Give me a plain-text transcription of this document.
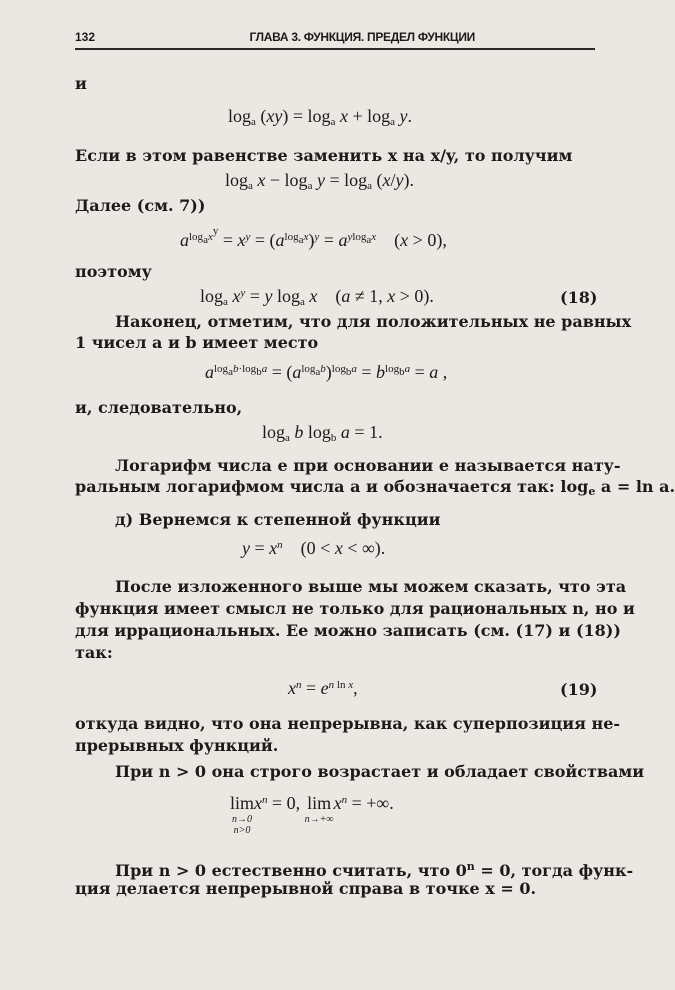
132	ГЛАВА 3. ФУНКЦИЯ. ПРЕДЕЛ ФУНКЦИИ
и
$\log_a (xy) = \log_a x + \log_a y$.
Если в этом равенстве заменить x на x/y, то получим
$\log_a x - \log_a y = \log_a (x/y)$.
Далее (см. 7))
$a^{log_ax^y} = x^y = (a^{log_ax})^y = a^{ylog_ax}$    (x > 0),
поэтому
$\log_a x^y = y$ $\log_a x$    (a ≠ 1, x > 0).	(18)
Наконец, отметим, что для положительных не равных
1 чисел a и b имеет место
$a^{log_ab\cdot log_ba} = (a^{log_ab})^{log_ba} = b^{log_ba} = a$ ,
и, следовательно,
$\log_a b$ $\log_b a = 1$.
Логарифм числа e при основании e называется нату-
ральным логарифмом числа a и обозначается так: $\log_e a = \ln a$.
д) Вернемся к степенной функции
$y = x^n$    (0 < x < ∞).
После изложенного выше мы можем сказать, что эта
функция имеет смысл не только для рациональных n, но и
для иррациональных. Ее можно записать (см. (17) и (18))
так:
$x^n = e^{n ln x}$,	(19)
откуда видно, что она непрерывна, как суперпозиция не-
прерывных функций.
При n > 0 она строго возрастает и обладает свойствами
lim
n→0
n>0
$x^n = 0$, lim
n→+∞
$x^n$ = +∞.
При n > 0 естественно считать, что $0^n = 0$, тогда функ-
ция делается непрерывной справа в точке x = 0.
